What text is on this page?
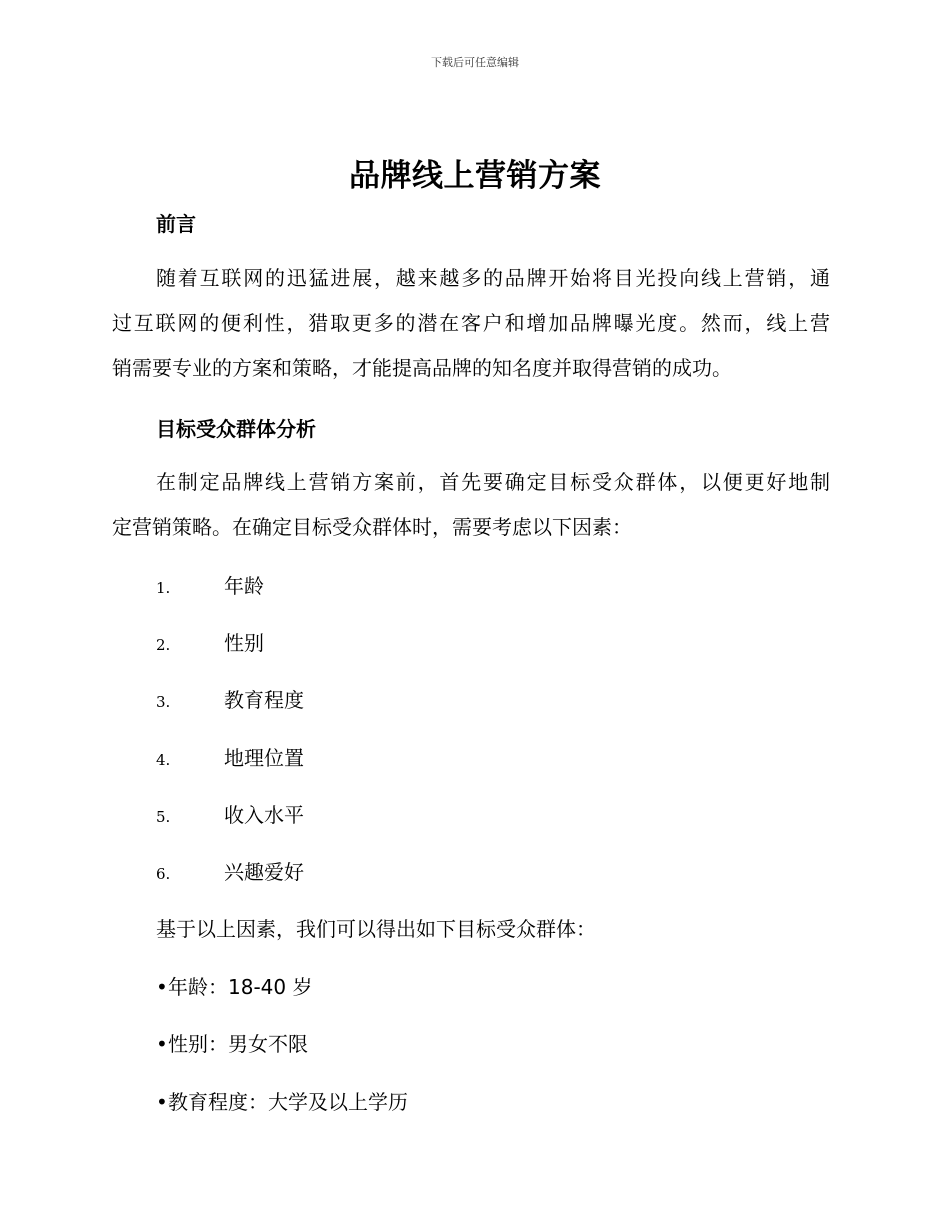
下载后可任意编辑
品牌线上营销方案
前言
随着互联网的迅猛进展，越来越多的品牌开始将目光投向线上营销，通
过互联网的便利性，猎取更多的潜在客户和增加品牌曝光度。然而，线上营
销需要专业的方案和策略，才能提高品牌的知名度并取得营销的成功。
目标受众群体分析
在制定品牌线上营销方案前，首先要确定目标受众群体，以便更好地制
定营销策略。在确定目标受众群体时，需要考虑以下因素：
1.	年龄
2.	性别
3.	教育程度
4.	地理位置
5.	收入水平
6.	兴趣爱好
基于以上因素，我们可以得出如下目标受众群体：
•年龄：18-40 岁
•性别：男女不限
•教育程度：大学及以上学历
